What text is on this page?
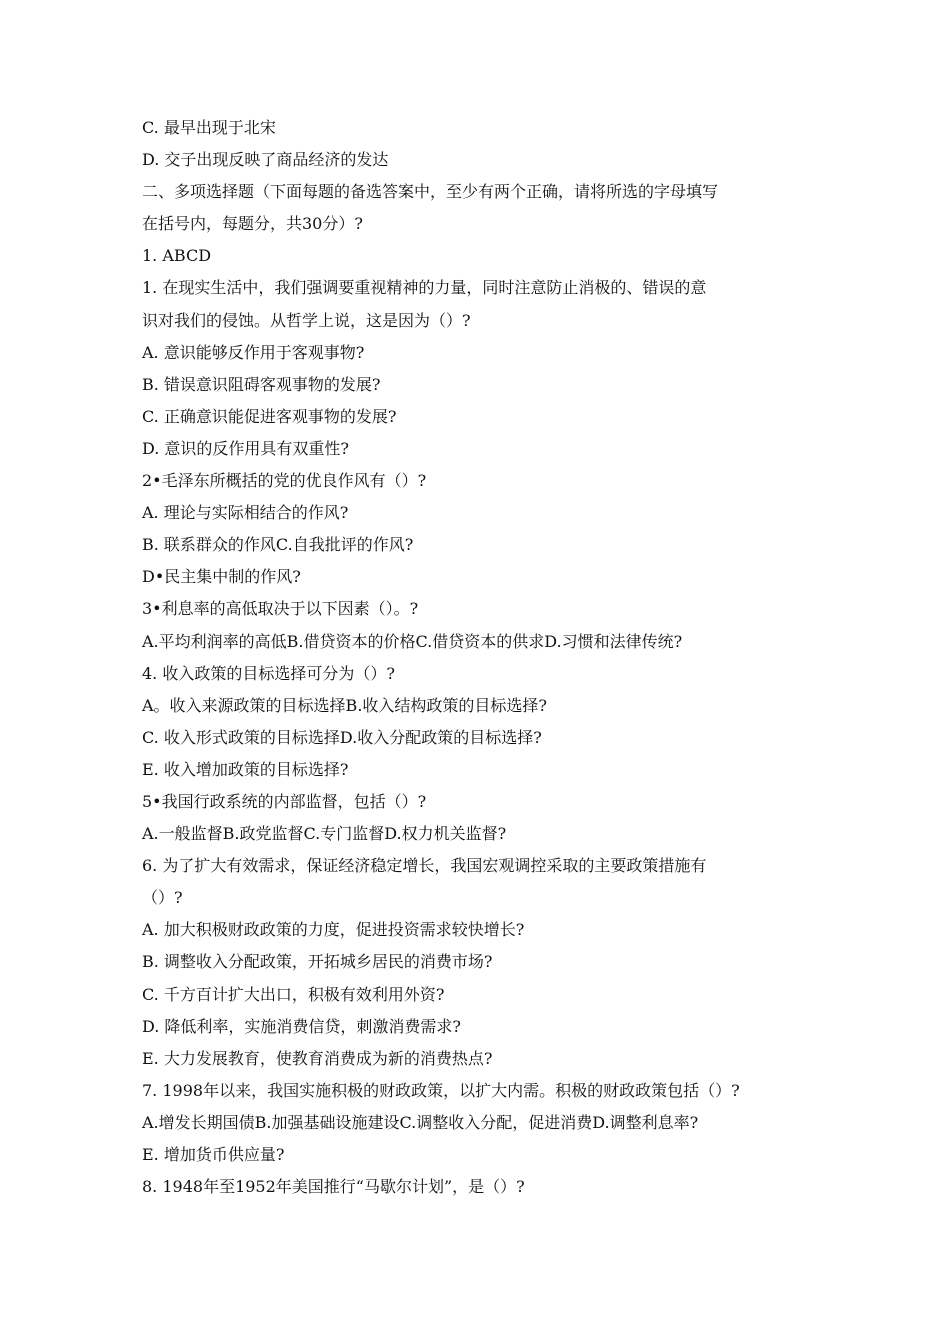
C. 最早出现于北宋
D. 交子出现反映了商品经济的发达
二、多项选择题（下面每题的备选答案中，至少有两个正确，请将所选的字母填写
在括号内，每题分，共30分）?
1. ABCD
1. 在现实生活中，我们强调要重视精神的力量，同时注意防止消极的、错误的意
识对我们的侵蚀。从哲学上说，这是因为（）?
A. 意识能够反作用于客观事物?
B. 错误意识阻碍客观事物的发展?
C. 正确意识能促进客观事物的发展?
D. 意识的反作用具有双重性?
2•毛泽东所概括的党的优良作风有（）?
A. 理论与实际相结合的作风?
B. 联系群众的作风C.自我批评的作风?
D•民主集中制的作风?
3•利息率的高低取决于以下因素（）。?
A.平均利润率的高低B.借贷资本的价格C.借贷资本的供求D.习惯和法律传统?
4. 收入政策的目标选择可分为（）?
A。收入来源政策的目标选择B.收入结构政策的目标选择?
C. 收入形式政策的目标选择D.收入分配政策的目标选择?
E. 收入增加政策的目标选择?
5•我国行政系统的内部监督，包括（）?
A.一般监督B.政党监督C.专门监督D.权力机关监督?
6. 为了扩大有效需求，保证经济稳定增长，我国宏观调控采取的主要政策措施有
（）?
A. 加大积极财政政策的力度，促进投资需求较快增长?
B. 调整收入分配政策，开拓城乡居民的消费市场?
C. 千方百计扩大出口，积极有效利用外资?
D. 降低利率，实施消费信贷，刺激消费需求?
E. 大力发展教育，使教育消费成为新的消费热点?
7. 1998年以来，我国实施积极的财政政策，以扩大内需。积极的财政政策包括（）?
A.增发长期国债B.加强基础设施建设C.调整收入分配，促进消费D.调整利息率?
E. 增加货币供应量?
8. 1948年至1952年美国推行“马歇尔计划”，是（）?
